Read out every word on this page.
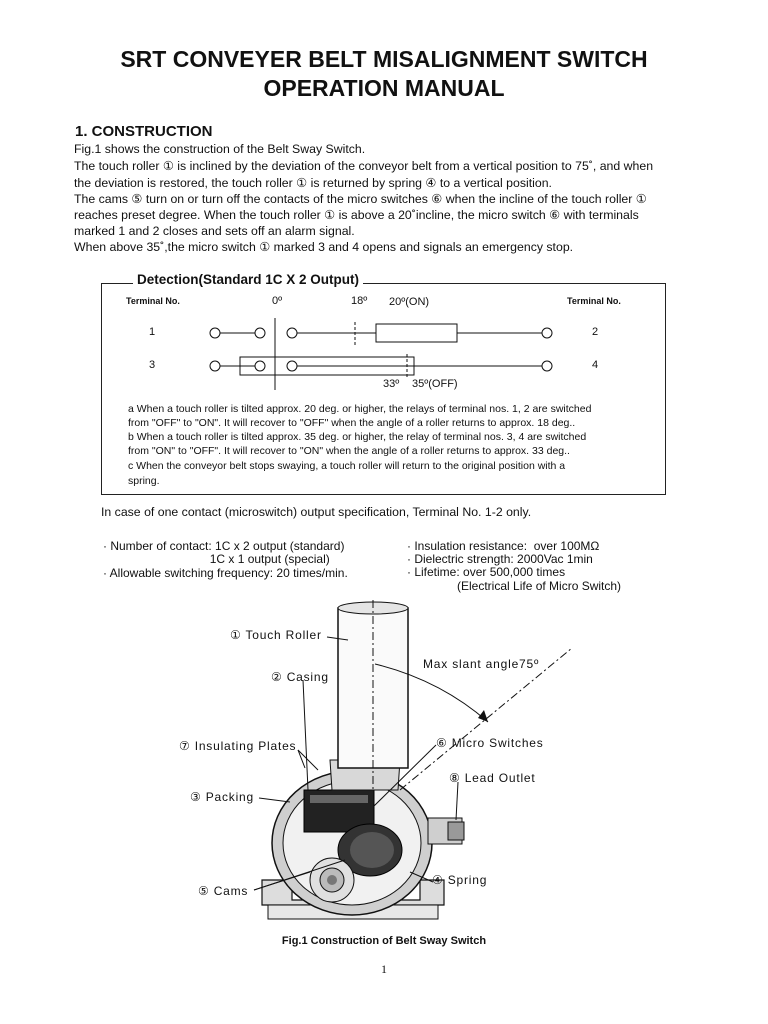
SRT CONVEYER BELT MISALIGNMENT SWITCH
OPERATION MANUAL
1. CONSTRUCTION
Fig.1 shows the construction of the Belt Sway Switch.
The touch roller ① is inclined by the deviation of the conveyor belt from a vertical position to 75˚, and when
the deviation is restored, the touch roller ① is returned by spring ④ to a vertical position.
The cams ⑤ turn on or turn off the contacts of the micro switches ⑥ when the incline of the touch roller ①
reaches preset degree. When the touch roller ① is above a 20˚incline, the micro switch ⑥ with terminals
marked 1 and 2 closes and sets off an alarm signal.
When above 35˚,the micro switch ① marked 3 and 4 opens and signals an emergency stop.
Detection(Standard 1C X 2 Output)
Terminal No.	Terminal No.
0º	18º 20º(ON)
1	2
3	4
33º 35º(OFF)
a When a touch roller is tilted approx. 20 deg. or higher, the relays of terminal nos. 1, 2 are switched
from "OFF" to "ON". It will recover to "OFF" when the angle of a roller returns to approx. 18 deg..
b When a touch roller is tilted approx. 35 deg. or higher, the relay of terminal nos. 3, 4 are switched
from "ON" to "OFF". It will recover to "ON" when the angle of a roller returns to approx. 33 deg..
c When the conveyor belt stops swaying, a touch roller will return to the original position with a
spring.
In case of one contact (microswitch) output specification, Terminal No. 1-2 only.
· Number of contact: 1C x 2 output (standard)
1C x 1 output (special)
· Allowable switching frequency: 20 times/min.
· Insulation resistance:  over 100MΩ
· Dielectric strength: 2000Vac 1min
· Lifetime: over 500,000 times
(Electrical Life of Micro Switch)
① Touch Roller
② Casing
Max slant angle75º
⑦ Insulating Plates	⑥ Micro Switches
⑧ Lead Outlet
③ Packing
④ Spring
⑤ Cams
Fig.1 Construction of Belt Sway Switch
1
